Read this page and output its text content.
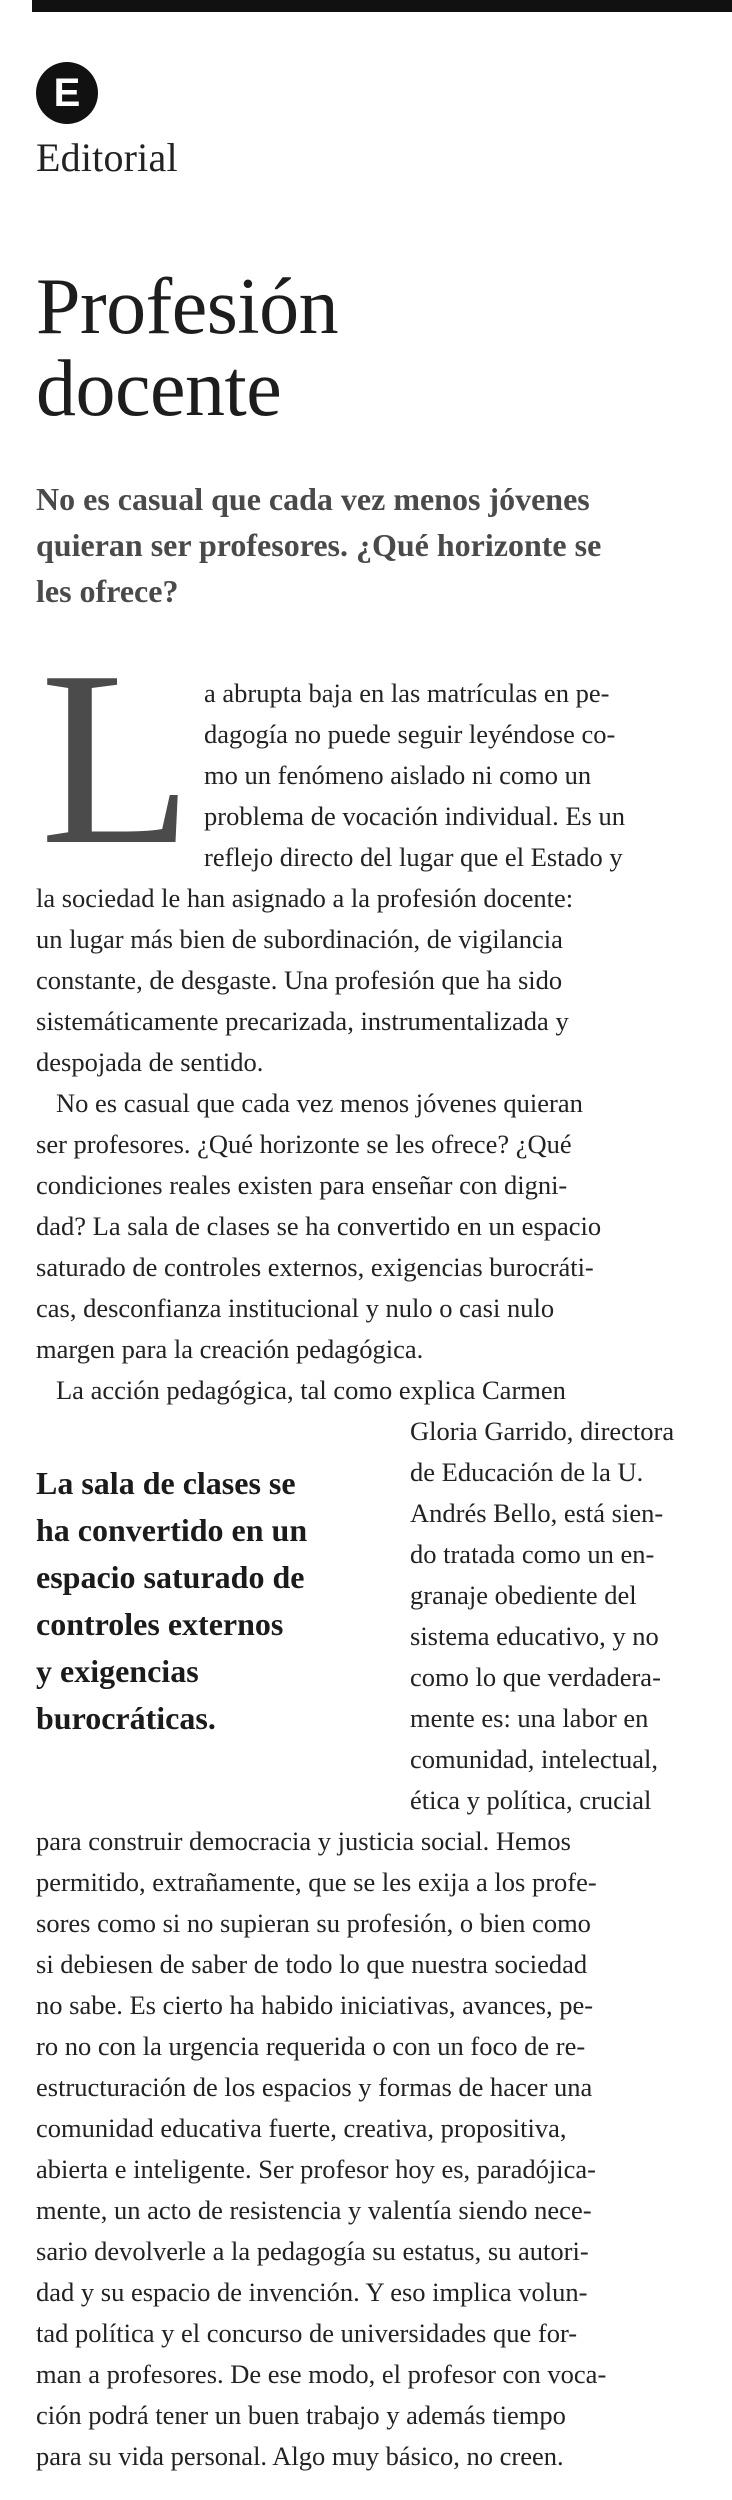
E
Editorial
Profesión
docente
No es casual que cada vez menos jóvenes
quieran ser profesores. ¿Qué horizonte se
les ofrece?
L a abrupta baja en las matrículas en pe-
dagogía no puede seguir leyéndose co-
mo un fenómeno aislado ni como un
problema de vocación individual. Es un
reflejo directo del lugar que el Estado y
la sociedad le han asignado a la profesión docente:
un lugar más bien de subordinación, de vigilancia
constante, de desgaste. Una profesión que ha sido
sistemáticamente precarizada, instrumentalizada y
despojada de sentido.
No es casual que cada vez menos jóvenes quieran
ser profesores. ¿Qué horizonte se les ofrece? ¿Qué
condiciones reales existen para enseñar con digni-
dad? La sala de clases se ha convertido en un espacio
saturado de controles externos, exigencias burocráti-
cas, desconfianza institucional y nulo o casi nulo
margen para la creación pedagógica.
La acción pedagógica, tal como explica Carmen
La sala de clases se
ha convertido en un
espacio saturado de
controles externos
y exigencias
burocráticas.
Gloria Garrido, directora
de Educación de la U.
Andrés Bello, está sien-
do tratada como un en-
granaje obediente del
sistema educativo, y no
como lo que verdadera-
mente es: una labor en
comunidad, intelectual,
ética y política, crucial
para construir democracia y justicia social. Hemos
permitido, extrañamente, que se les exija a los profe-
sores como si no supieran su profesión, o bien como
si debiesen de saber de todo lo que nuestra sociedad
no sabe. Es cierto ha habido iniciativas, avances, pe-
ro no con la urgencia requerida o con un foco de re-
estructuración de los espacios y formas de hacer una
comunidad educativa fuerte, creativa, propositiva,
abierta e inteligente. Ser profesor hoy es, paradójica-
mente, un acto de resistencia y valentía siendo nece-
sario devolverle a la pedagogía su estatus, su autori-
dad y su espacio de invención. Y eso implica volun-
tad política y el concurso de universidades que for-
man a profesores. De ese modo, el profesor con voca-
ción podrá tener un buen trabajo y además tiempo
para su vida personal. Algo muy básico, no creen.
